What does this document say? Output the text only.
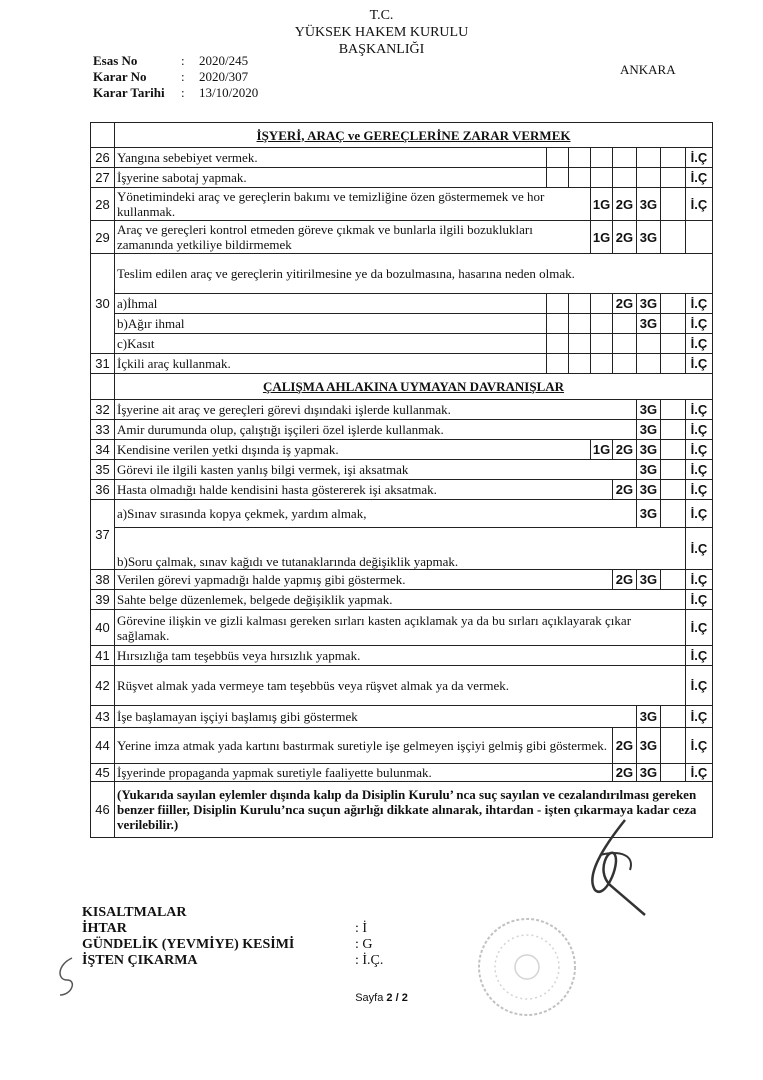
T.C.
YÜKSEK HAKEM KURULU
BAŞKANLIĞI
Esas No	:	2020/245
Karar No	:	2020/307
Karar Tarihi	:	13/10/2020
ANKARA
	İŞYERİ, ARAÇ ve GEREÇLERİNE ZARAR VERMEK							
26	Yangına sebebiyet vermek.							İ.Ç
27	İşyerine sabotaj yapmak.							İ.Ç
28	Yönetimindeki araç ve gereçlerin bakımı ve temizliğine özen göstermemek ve hor kullanmak.			1G	2G	3G		İ.Ç
29	Araç ve gereçleri kontrol etmeden göreve çıkmak ve bunlarla ilgili bozuklukları zamanında yetkiliye bildirmemek			1G	2G	3G		
30	Teslim edilen araç ve gereçlerin yitirilmesine ye da bozulmasına, hasarına neden olmak.							
	a)İhmal				2G	3G		İ.Ç
	b)Ağır ihmal					3G		İ.Ç
	c)Kasıt							İ.Ç
31	İçkili araç kullanmak.							İ.Ç
	ÇALIŞMA AHLAKINA UYMAYAN DAVRANIŞLAR							
32	İşyerine ait araç ve gereçleri görevi dışındaki işlerde kullanmak.					3G		İ.Ç
33	Amir durumunda olup, çalıştığı işçileri özel işlerde kullanmak.					3G		İ.Ç
34	Kendisine verilen yetki dışında iş yapmak.			1G	2G	3G		İ.Ç
35	Görevi ile ilgili kasten yanlış bilgi vermek, işi aksatmak					3G		İ.Ç
36	Hasta olmadığı halde kendisini hasta göstererek işi aksatmak.				2G	3G		İ.Ç
37	a)Sınav sırasında kopya çekmek, yardım almak,					3G		İ.Ç
	b)Soru çalmak, sınav kağıdı ve tutanaklarında değişiklik yapmak.							İ.Ç
38	Verilen görevi yapmadığı halde yapmış gibi göstermek.				2G	3G		İ.Ç
39	Sahte belge düzenlemek, belgede değişiklik yapmak.							İ.Ç
40	Görevine ilişkin ve gizli kalması gereken sırları kasten açıklamak ya da bu sırları açıklayarak çıkar sağlamak.							İ.Ç
41	Hırsızlığa tam teşebbüs veya hırsızlık yapmak.							İ.Ç
42	Rüşvet almak yada vermeye tam teşebbüs veya rüşvet almak ya da vermek.							İ.Ç
43	İşe başlamayan işçiyi başlamış gibi göstermek					3G		İ.Ç
44	Yerine imza atmak yada kartını bastırmak suretiyle işe gelmeyen işçiyi gelmiş gibi göstermek.				2G	3G		İ.Ç
45	İşyerinde propaganda yapmak suretiyle faaliyette bulunmak.				2G	3G		İ.Ç
46	(Yukarıda sayılan eylemler dışında kalıp da Disiplin Kurulu’ nca suç sayılan ve cezalandırılması gereken benzer fiiller, Disiplin Kurulu’nca suçun ağırlığı dikkate alınarak, ihtardan - işten çıkarmaya kadar ceza verilebilir.)							
KISALTMALAR
İHTAR	: İ
GÜNDELİK (YEVMİYE) KESİMİ	: G
İŞTEN ÇIKARMA	: İ.Ç.
Sayfa 2 / 2
